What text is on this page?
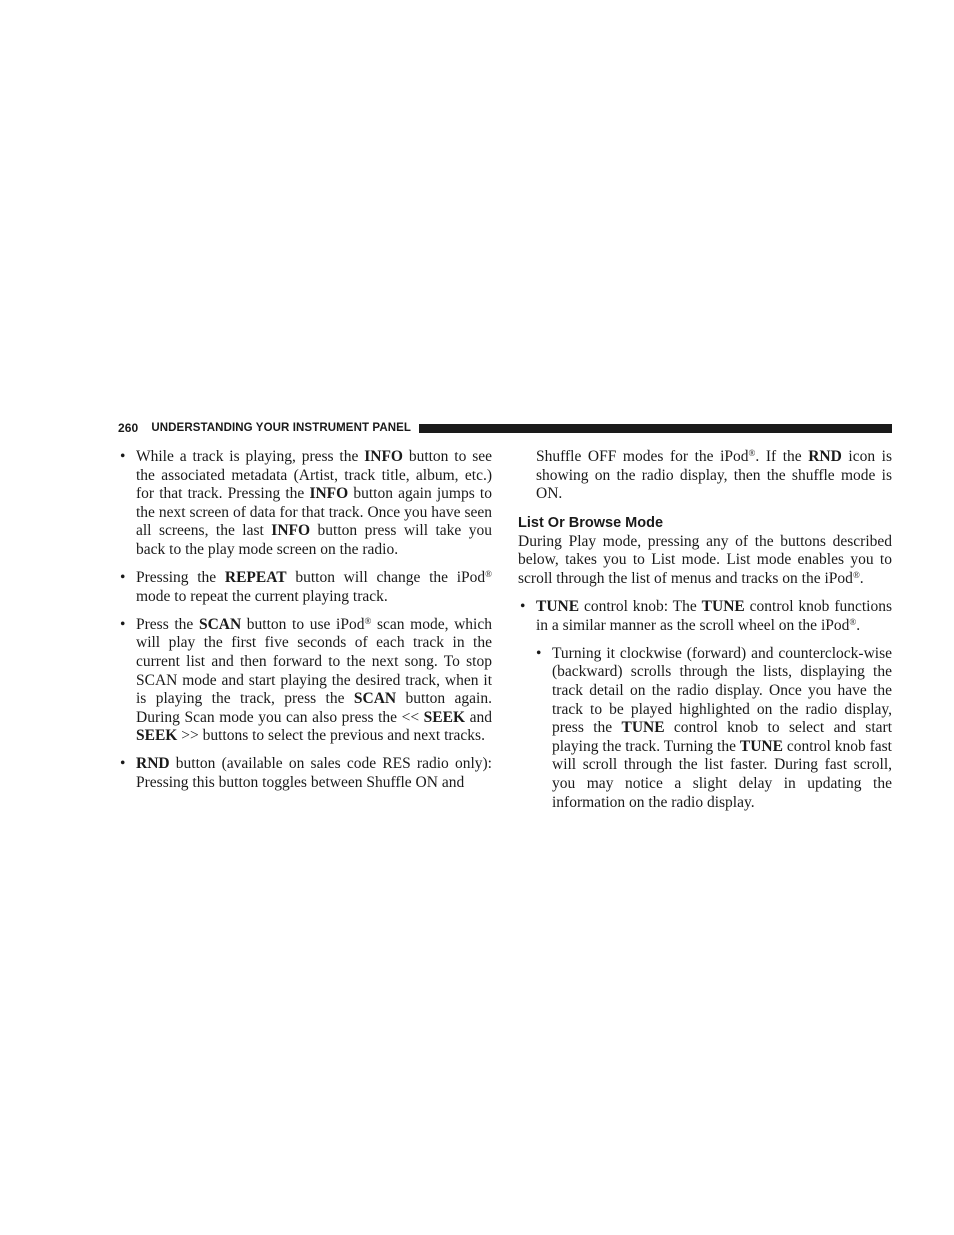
260 UNDERSTANDING YOUR INSTRUMENT PANEL
• While a track is playing, press the INFO button to see the associated metadata (Artist, track title, album, etc.) for that track. Pressing the INFO button again jumps to the next screen of data for that track. Once you have seen all screens, the last INFO button press will take you back to the play mode screen on the radio.
• Pressing the REPEAT button will change the iPod® mode to repeat the current playing track.
• Press the SCAN button to use iPod® scan mode, which will play the first five seconds of each track in the current list and then forward to the next song. To stop SCAN mode and start playing the desired track, when it is playing the track, press the SCAN button again. During Scan mode you can also press the << SEEK and SEEK >> buttons to select the previous and next tracks.
• RND button (available on sales code RES radio only): Pressing this button toggles between Shuffle ON and

Shuffle OFF modes for the iPod®. If the RND icon is showing on the radio display, then the shuffle mode is ON.

List Or Browse Mode

During Play mode, pressing any of the buttons described below, takes you to List mode. List mode enables you to scroll through the list of menus and tracks on the iPod®.

• TUNE control knob: The TUNE control knob functions in a similar manner as the scroll wheel on the iPod®.
• Turning it clockwise (forward) and counterclock-wise (backward) scrolls through the lists, displaying the track detail on the radio display. Once you have the track to be played highlighted on the radio display, press the TUNE control knob to select and start playing the track. Turning the TUNE control knob fast will scroll through the list faster. During fast scroll, you may notice a slight delay in updating the information on the radio display.
